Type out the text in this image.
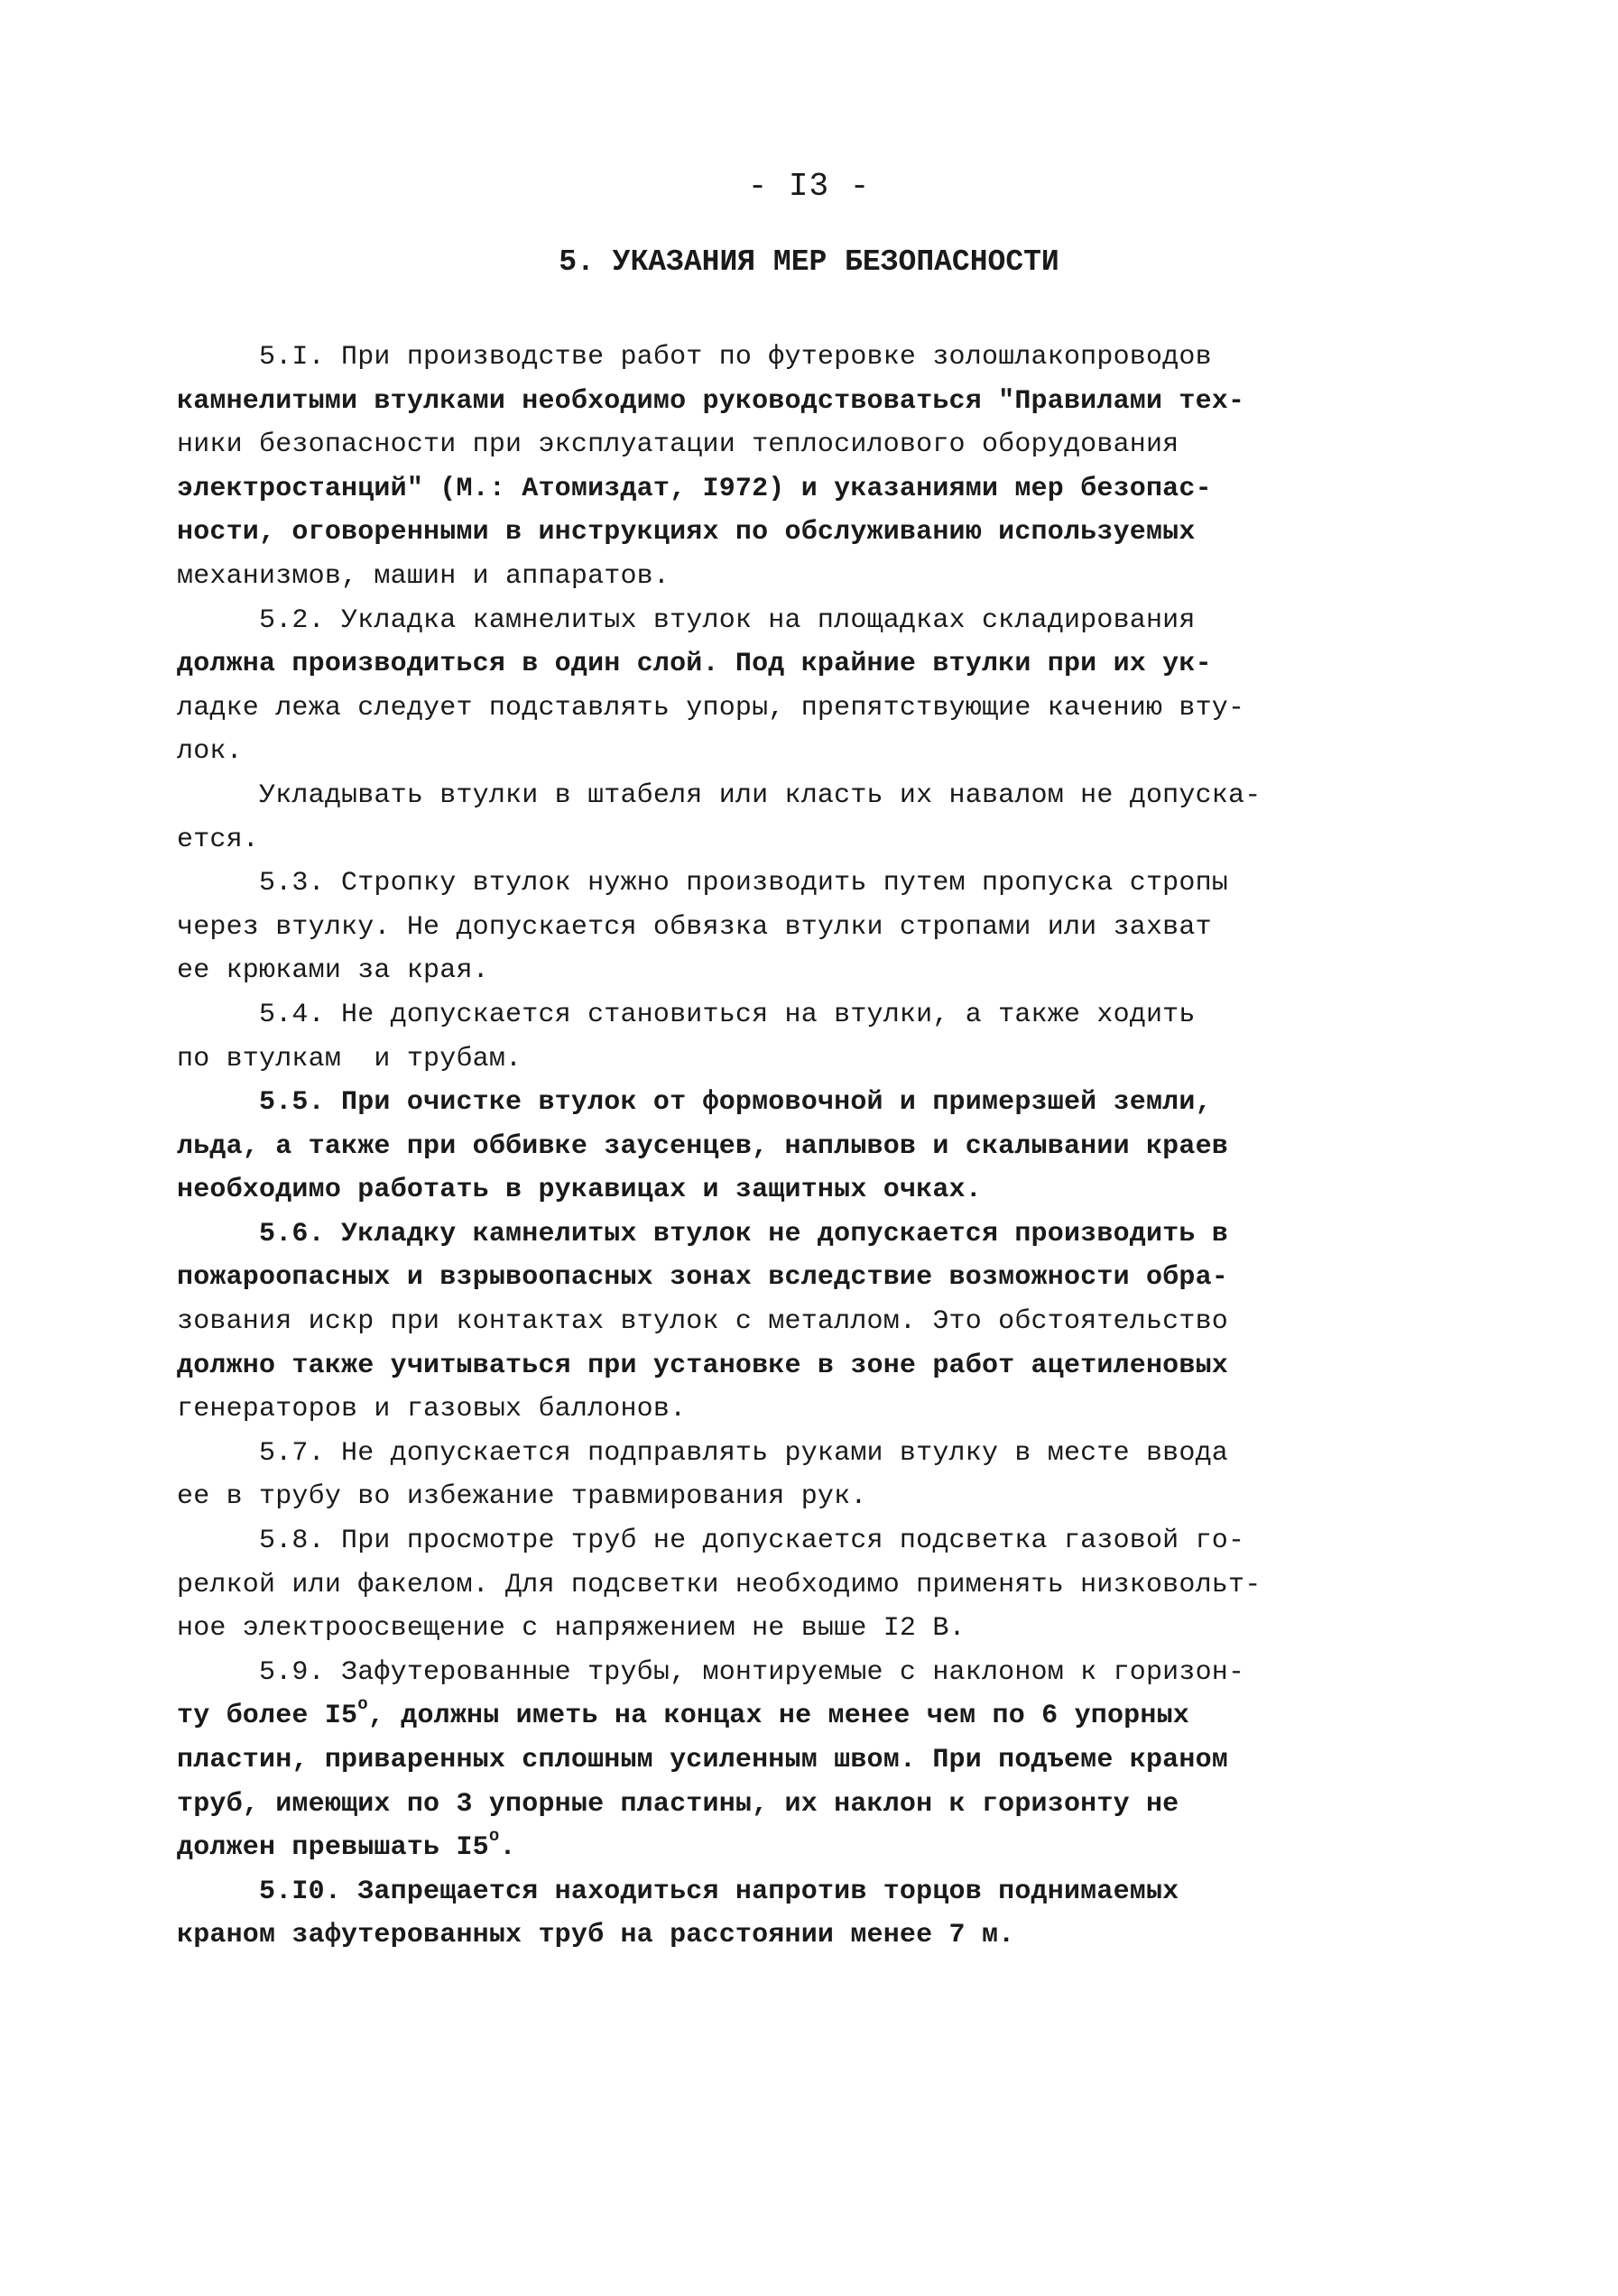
- I3 -
5. УКАЗАНИЯ МЕР БЕЗОПАСНОСТИ
5.I. При производстве работ по футеровке золошлакопроводов
камнелитыми втулками необходимо руководствоваться "Правилами тех-
ники безопасности при эксплуатации теплосилового оборудования
электростанций" (М.: Атомиздат, I972) и указаниями мер безопас-
ности, оговоренными в инструкциях по обслуживанию используемых
механизмов, машин и аппаратов.
5.2. Укладка камнелитых втулок на площадках складирования
должна производиться в один слой. Под крайние втулки при их ук-
ладке лежа следует подставлять упоры, препятствующие качению вту-
лок.
Укладывать втулки в штабеля или класть их навалом не допуска-
ется.
5.3. Стропку втулок нужно производить путем пропуска стропы
через втулку. Не допускается обвязка втулки стропами или захват
ее крюками за края.
5.4. Не допускается становиться на втулки, а также ходить
по втулкам  и трубам.
5.5. При очистке втулок от формовочной и примерзшей земли,
льда, а также при оббивке заусенцев, наплывов и скалывании краев
необходимо работать в рукавицах и защитных очках.
5.6. Укладку камнелитых втулок не допускается производить в
пожароопасных и взрывоопасных зонах вследствие возможности обра-
зования искр при контактах втулок с металлом. Это обстоятельство
должно также учитываться при установке в зоне работ ацетиленовых
генераторов и газовых баллонов.
5.7. Не допускается подправлять руками втулку в месте ввода
ее в трубу во избежание травмирования рук.
5.8. При просмотре труб не допускается подсветка газовой го-
релкой или факелом. Для подсветки необходимо применять низковольт-
ное электроосвещение с напряжением не выше I2 В.
5.9. Зафутерованные трубы, монтируемые с наклоном к горизон-
ту более $I5^о$, должны иметь на концах не менее чем по 6 упорных
пластин, приваренных сплошным усиленным швом. При подъеме краном
труб, имеющих по 3 упорные пластины, их наклон к горизонту не
должен превышать $I5^о$.
5.I0. Запрещается находиться напротив торцов поднимаемых
краном зафутерованных труб на расстоянии менее 7 м.
